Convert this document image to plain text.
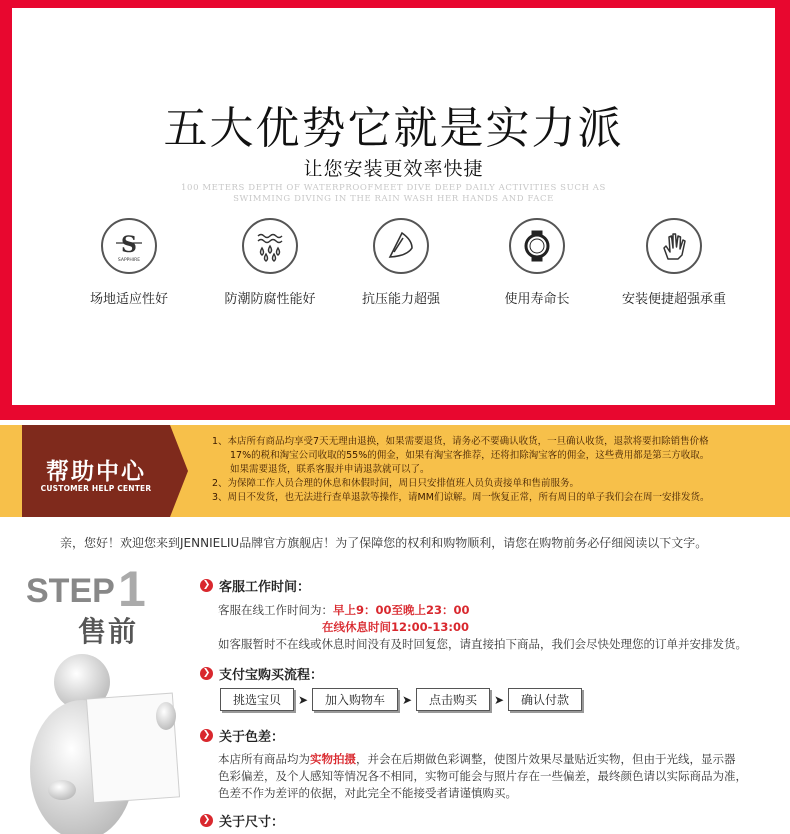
五大优势它就是实力派
让您安装更效率快捷
100 METERS DEPTH OF WATERPROOFMEET DIVE DEEP DAILY ACTIVITIES SUCH AS
SWIMMING DIVING IN THE RAIN WASH HER HANDS AND FACE
S
SAPPHIRE
场地适应性好	防潮防腐性能好	抗压能力超强	使用寿命长	安装便捷超强承重
帮助中心
CUSTOMER HELP CENTER
1、本店所有商品均享受7天无理由退换，如果需要退货，请务必不要确认收货，一旦确认收货，退款将要扣除销售价格
17%的税和淘宝公司收取的55%的佣金，如果有淘宝客推荐，还将扣除淘宝客的佣金，这些费用都是第三方收取。
如果需要退货，联系客服并申请退款就可以了。
2、为保障工作人员合理的休息和休假时间，周日只安排值班人员负责接单和售前服务。
3、周日不发货，也无法进行查单退款等操作，请MM们谅解。周一恢复正常，所有周日的单子我们会在周一安排发货。
亲，您好！欢迎您来到JENNIELIU品牌官方旗舰店！为了保障您的权利和购物顺利，请您在购物前务必仔细阅读以下文字。
STEP 1
售前
❯ 客服工作时间：
客服在线工作时间为：早上9：00至晚上23：00
在线休息时间12:00-13:00
如客服暂时不在线或休息时间没有及时回复您，请直接拍下商品，我们会尽快处理您的订单并安排发货。
❯ 支付宝购买流程：
挑选宝贝	➤	加入购物车	➤	点击购买	➤	确认付款
❯ 关于色差：
本店所有商品均为实物拍摄，并会在后期做色彩调整，使图片效果尽量贴近实物，但由于光线，显示器
色彩偏差，及个人感知等情况各不相同，实物可能会与照片存在一些偏差，最终颜色请以实际商品为准，
色差不作为差评的依据，对此完全不能接受者请谨慎购买。
❯ 关于尺寸：
